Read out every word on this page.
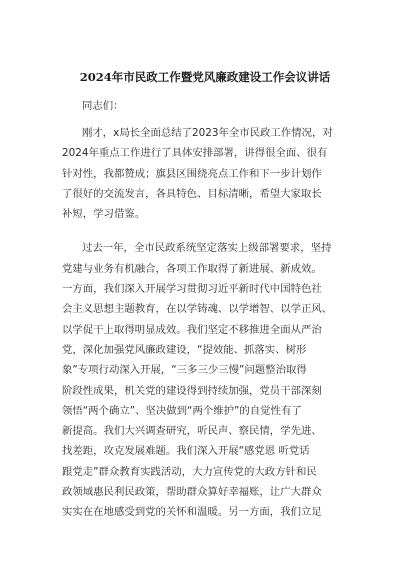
2024年市民政工作暨党风廉政建设工作会议讲话
同志们：
刚才，x局长全面总结了2023年全市民政工作情况，对
2024年重点工作进行了具体安排部署，讲得很全面、很有
针对性，我都赞成；旗县区围绕亮点工作和下一步计划作
了很好的交流发言，各具特色、目标清晰，希望大家取长
补短，学习借鉴。
过去一年，全市民政系统坚定落实上级部署要求，坚持
党建与业务有机融合，各项工作取得了新进展、新成效。
一方面，我们深入开展学习贯彻习近平新时代中国特色社
会主义思想主题教育，在以学铸魂、以学增智、以学正风、
以学促干上取得明显成效。我们坚定不移推进全面从严治
党，深化加强党风廉政建设，“提效能、抓落实、树形
象”专项行动深入开展，“三多三少三慢”问题整治取得
阶段性成果，机关党的建设得到持续加强，党员干部深刻
领悟“两个确立”、坚决做到“两个维护”的自觉性有了
新提高。我们大兴调查研究，听民声、察民情，学先进、
找差距，攻克发展难题。我们深入开展“感党恩 听党话
跟党走”群众教育实践活动，大力宣传党的大政方针和民
政领域惠民利民政策，帮助群众算好幸福账，让广大群众
实实在在地感受到党的关怀和温暖。另一方面，我们立足
